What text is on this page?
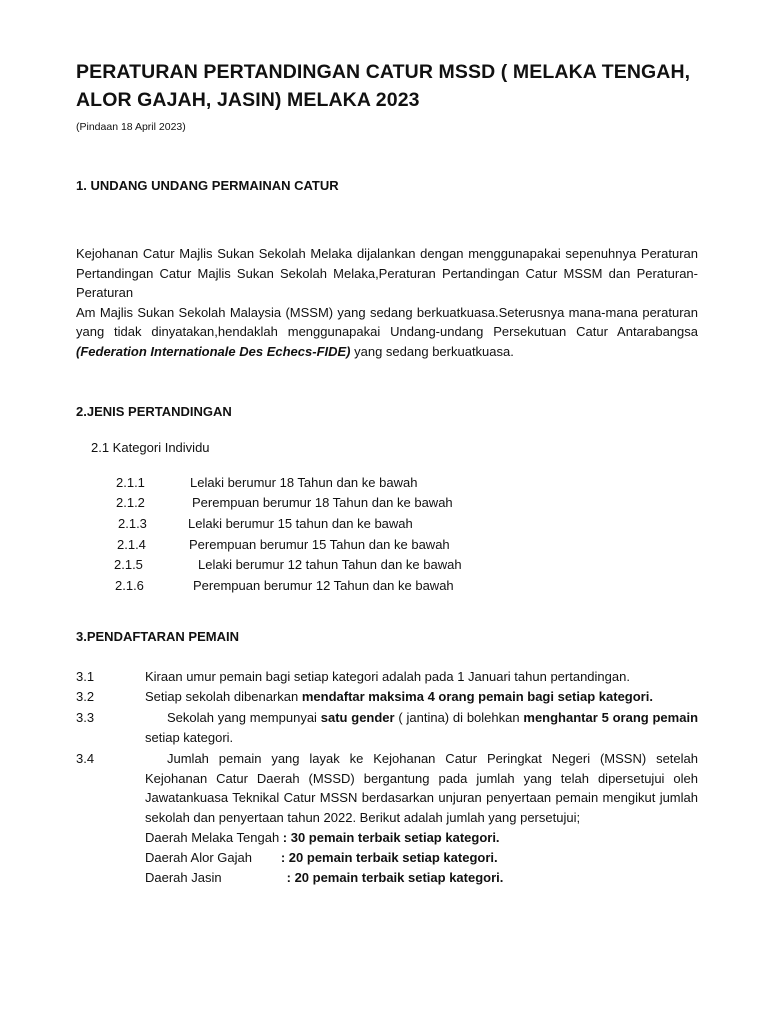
PERATURAN PERTANDINGAN CATUR MSSD ( MELAKA TENGAH, ALOR GAJAH, JASIN) MELAKA 2023
(Pindaan 18 April 2023)
1. UNDANG UNDANG PERMAINAN CATUR
Kejohanan Catur Majlis Sukan Sekolah Melaka dijalankan dengan menggunapakai sepenuhnya Peraturan Pertandingan Catur Majlis Sukan Sekolah Melaka,Peraturan Pertandingan Catur MSSM dan Peraturan-Peraturan
Am Majlis Sukan Sekolah Malaysia (MSSM) yang sedang berkuatkuasa.Seterusnya mana-mana peraturan yang tidak dinyatakan,hendaklah menggunapakai Undang-undang Persekutuan Catur Antarabangsa (Federation Internationale Des Echecs-FIDE) yang sedang berkuatkuasa.
2.JENIS PERTANDINGAN
2.1 Kategori Individu
2.1.1	Lelaki berumur 18 Tahun dan ke bawah
2.1.2	Perempuan berumur 18 Tahun dan ke bawah
2.1.3	Lelaki berumur 15 tahun dan ke bawah
2.1.4	Perempuan berumur 15 Tahun dan ke bawah
2.1.5	Lelaki berumur 12 tahun Tahun dan ke bawah
2.1.6	Perempuan berumur 12 Tahun dan ke bawah
3.PENDAFTARAN PEMAIN
3.1	Kiraan umur pemain bagi setiap kategori adalah pada 1 Januari tahun pertandingan.
3.2	Setiap sekolah dibenarkan mendaftar maksima 4 orang pemain bagi setiap kategori.
3.3	Sekolah yang mempunyai satu gender ( jantina) di bolehkan menghantar 5 orang pemain setiap kategori.
3.4	Jumlah pemain yang layak ke Kejohanan Catur Peringkat Negeri (MSSN) setelah Kejohanan Catur Daerah (MSSD) bergantung pada jumlah yang telah dipersetujui oleh Jawatankuasa Teknikal Catur MSSN berdasarkan unjuran penyertaan pemain mengikut jumlah sekolah dan penyertaan tahun 2022. Berikut adalah jumlah yang persetujui;
Daerah Melaka Tengah : 30 pemain terbaik setiap kategori.
Daerah Alor Gajah : 20 pemain terbaik setiap kategori.
Daerah Jasin : 20 pemain terbaik setiap kategori.
